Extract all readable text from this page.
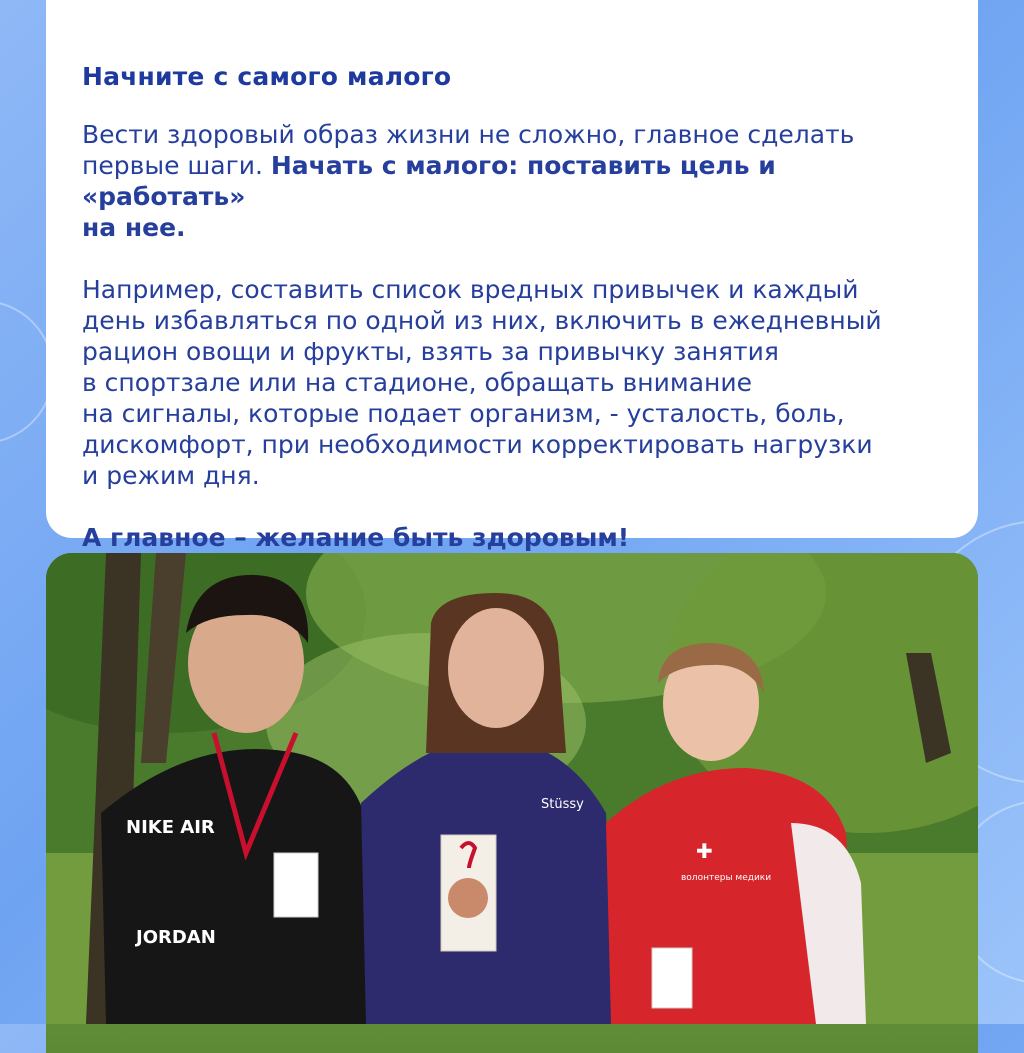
Начните с самого малого

Вести здоровый образ жизни не сложно, главное сделать
первые шаги. Начать с малого: поставить цель и «работать»
на нее.

Например, составить список вредных привычек и каждый
день избавляться по одной из них, включить в ежедневный
рацион овощи и фрукты, взять за привычку занятия
в спортзале или на стадионе, обращать внимание
на сигналы, которые подает организм, - усталость, боль,
дискомфорт, при необходимости корректировать нагрузки
и режим дня.

А главное – желание быть здоровым!

NIKE AIR
JORDAN
Stüssy
✚
волонтеры медики
